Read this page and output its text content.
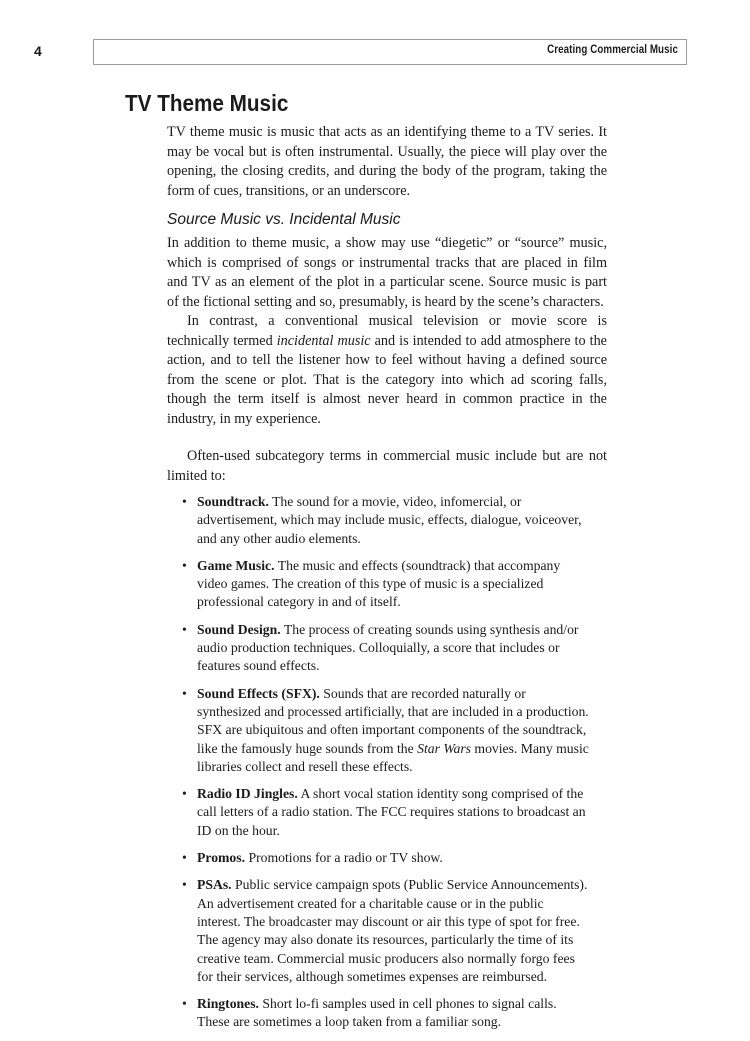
4	Creating Commercial Music
TV Theme Music

TV theme music is music that acts as an identifying theme to a TV series. It may be vocal but is often instrumental. Usually, the piece will play over the opening, the closing credits, and during the body of the program, taking the form of cues, transitions, or an underscore.

Source Music vs. Incidental Music

In addition to theme music, a show may use “diegetic” or “source” music, which is comprised of songs or instrumental tracks that are placed in film and TV as an element of the plot in a particular scene. Source music is part of the fictional setting and so, presumably, is heard by the scene’s characters.

In contrast, a conventional musical television or movie score is technically termed incidental music and is intended to add atmosphere to the action, and to tell the listener how to feel without having a defined source from the scene or plot. That is the category into which ad scoring falls, though the term itself is almost never heard in common practice in the industry, in my experience.

Often-used subcategory terms in commercial music include but are not limited to:

• Soundtrack. The sound for a movie, video, infomercial, or advertisement, which may include music, effects, dialogue, voiceover, and any other audio elements.
• Game Music. The music and effects (soundtrack) that accompany video games. The creation of this type of music is a specialized professional category in and of itself.
• Sound Design. The process of creating sounds using synthesis and/or audio production techniques. Colloquially, a score that includes or features sound effects.
• Sound Effects (SFX). Sounds that are recorded naturally or synthesized and processed artificially, that are included in a production. SFX are ubiquitous and often important components of the soundtrack, like the famously huge sounds from the Star Wars movies. Many music libraries collect and resell these effects.
• Radio ID Jingles. A short vocal station identity song comprised of the call letters of a radio station. The FCC requires stations to broadcast an ID on the hour.
• Promos. Promotions for a radio or TV show.
• PSAs. Public service campaign spots (Public Service Announcements). An advertisement created for a charitable cause or in the public interest. The broadcaster may discount or air this type of spot for free. The agency may also donate its resources, particularly the time of its creative team. Commercial music producers also normally forgo fees for their services, although sometimes expenses are reimbursed.
• Ringtones. Short lo-fi samples used in cell phones to signal calls. These are sometimes a loop taken from a familiar song.
